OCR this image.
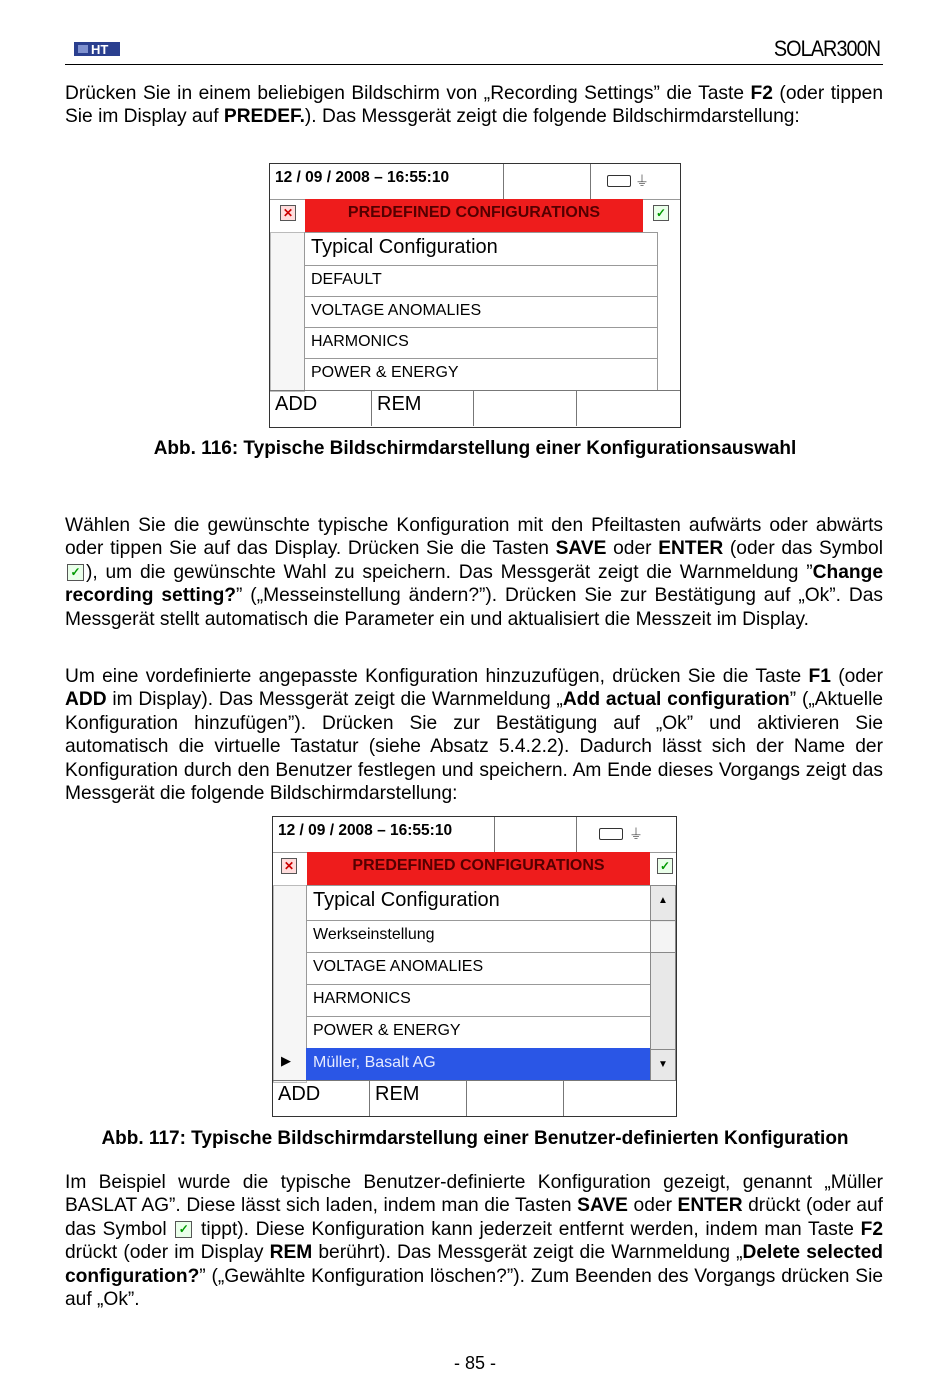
HT	SOLAR300N

Drücken Sie in einem beliebigen Bildschirm von „Recording Settings” die Taste F2 (oder tippen Sie im Display auf PREDEF.). Das Messgerät zeigt die folgende Bildschirmdarstellung:

12 / 09 / 2008 – 16:55:10	⏚
✕	PREDEFINED CONFIGURATIONS	✓
Typical Configuration
DEFAULT
VOLTAGE ANOMALIES
HARMONICS
POWER & ENERGY
ADD	REM

Abb. 116: Typische Bildschirmdarstellung einer Konfigurationsauswahl

Wählen Sie die gewünschte typische Konfiguration mit den Pfeiltasten aufwärts oder abwärts oder tippen Sie auf das Display. Drücken Sie die Tasten SAVE oder ENTER (oder das Symbol ✓ ), um die gewünschte Wahl zu speichern. Das Messgerät zeigt die Warnmeldung ”Change recording setting?” („Messeinstellung ändern?”). Drücken Sie zur Bestätigung auf „Ok”. Das Messgerät stellt automatisch die Parameter ein und aktualisiert die Messzeit im Display.

Um eine vordefinierte angepasste Konfiguration hinzuzufügen, drücken Sie die Taste F1 (oder ADD im Display). Das Messgerät zeigt die Warnmeldung „Add actual configuration” („Aktuelle Konfiguration hinzufügen”). Drücken Sie zur Bestätigung auf „Ok” und aktivieren Sie automatisch die virtuelle Tastatur (siehe Absatz 5.4.2.2). Dadurch lässt sich der Name der Konfiguration durch den Benutzer festlegen und speichern. Am Ende dieses Vorgangs zeigt das Messgerät die folgende Bildschirmdarstellung:

12 / 09 / 2008 – 16:55:10	⏚
✕	PREDEFINED CONFIGURATIONS	✓
Typical Configuration
Werkseinstellung
VOLTAGE ANOMALIES
HARMONICS
POWER & ENERGY
▶ Müller, Basalt AG
▲
▼
ADD	REM

Abb. 117: Typische Bildschirmdarstellung einer Benutzer-definierten Konfiguration

Im Beispiel wurde die typische Benutzer-definierte Konfiguration gezeigt, genannt „Müller BASLAT AG”. Diese lässt sich laden, indem man die Tasten SAVE oder ENTER drückt (oder auf das Symbol ✓ tippt). Diese Konfiguration kann jederzeit entfernt werden, indem man Taste F2 drückt (oder im Display REM berührt). Das Messgerät zeigt die Warnmeldung „Delete selected configuration?” („Gewählte Konfiguration löschen?”). Zum Beenden des Vorgangs drücken Sie auf „Ok”.

- 85 -
